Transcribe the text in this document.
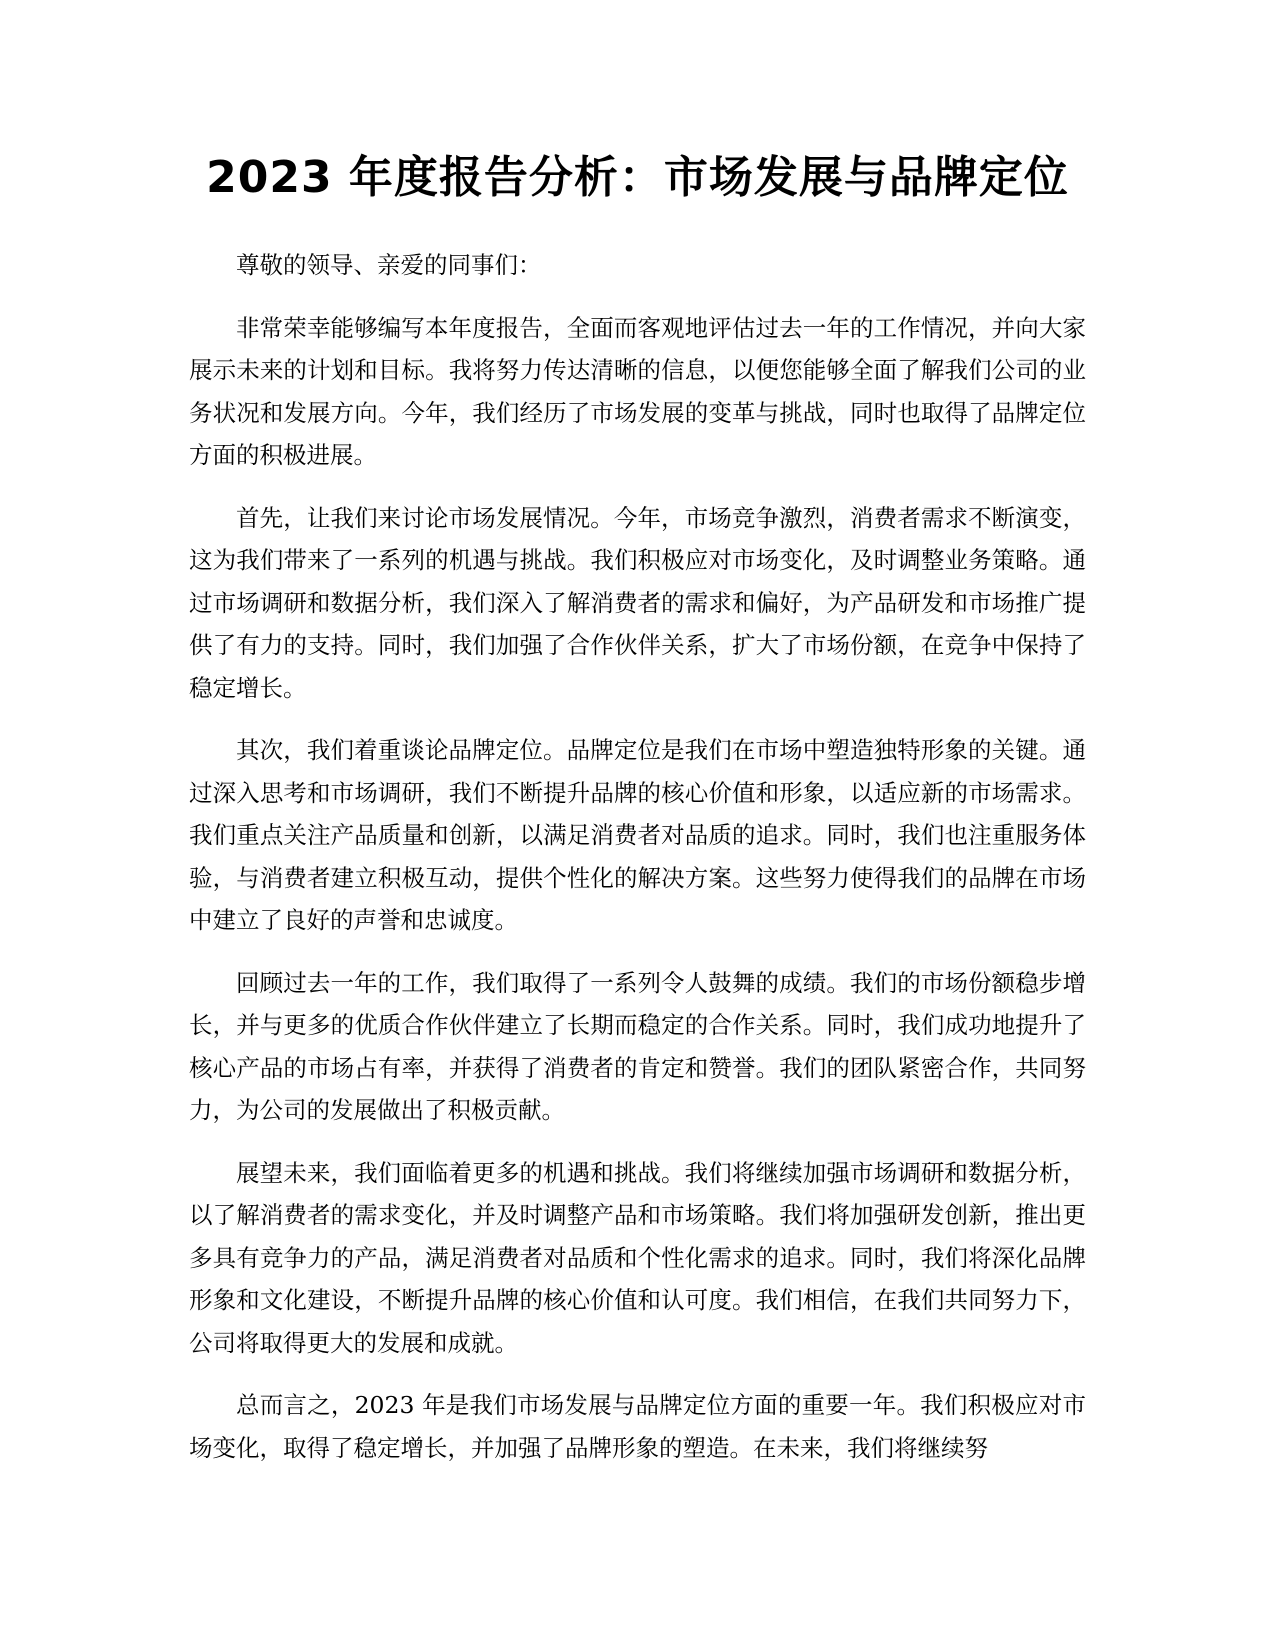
2023 年度报告分析：市场发展与品牌定位

尊敬的领导、亲爱的同事们：

非常荣幸能够编写本年度报告，全面而客观地评估过去一年的工作情况，并向大家展示未来的计划和目标。我将努力传达清晰的信息，以便您能够全面了解我们公司的业务状况和发展方向。今年，我们经历了市场发展的变革与挑战，同时也取得了品牌定位方面的积极进展。

首先，让我们来讨论市场发展情况。今年，市场竞争激烈，消费者需求不断演变，这为我们带来了一系列的机遇与挑战。我们积极应对市场变化，及时调整业务策略。通过市场调研和数据分析，我们深入了解消费者的需求和偏好，为产品研发和市场推广提供了有力的支持。同时，我们加强了合作伙伴关系，扩大了市场份额，在竞争中保持了稳定增长。

其次，我们着重谈论品牌定位。品牌定位是我们在市场中塑造独特形象的关键。通过深入思考和市场调研，我们不断提升品牌的核心价值和形象，以适应新的市场需求。我们重点关注产品质量和创新，以满足消费者对品质的追求。同时，我们也注重服务体验，与消费者建立积极互动，提供个性化的解决方案。这些努力使得我们的品牌在市场中建立了良好的声誉和忠诚度。

回顾过去一年的工作，我们取得了一系列令人鼓舞的成绩。我们的市场份额稳步增长，并与更多的优质合作伙伴建立了长期而稳定的合作关系。同时，我们成功地提升了核心产品的市场占有率，并获得了消费者的肯定和赞誉。我们的团队紧密合作，共同努力，为公司的发展做出了积极贡献。

展望未来，我们面临着更多的机遇和挑战。我们将继续加强市场调研和数据分析，以了解消费者的需求变化，并及时调整产品和市场策略。我们将加强研发创新，推出更多具有竞争力的产品，满足消费者对品质和个性化需求的追求。同时，我们将深化品牌形象和文化建设，不断提升品牌的核心价值和认可度。我们相信，在我们共同努力下，公司将取得更大的发展和成就。

总而言之，2023 年是我们市场发展与品牌定位方面的重要一年。我们积极应对市场变化，取得了稳定增长，并加强了品牌形象的塑造。在未来，我们将继续努
